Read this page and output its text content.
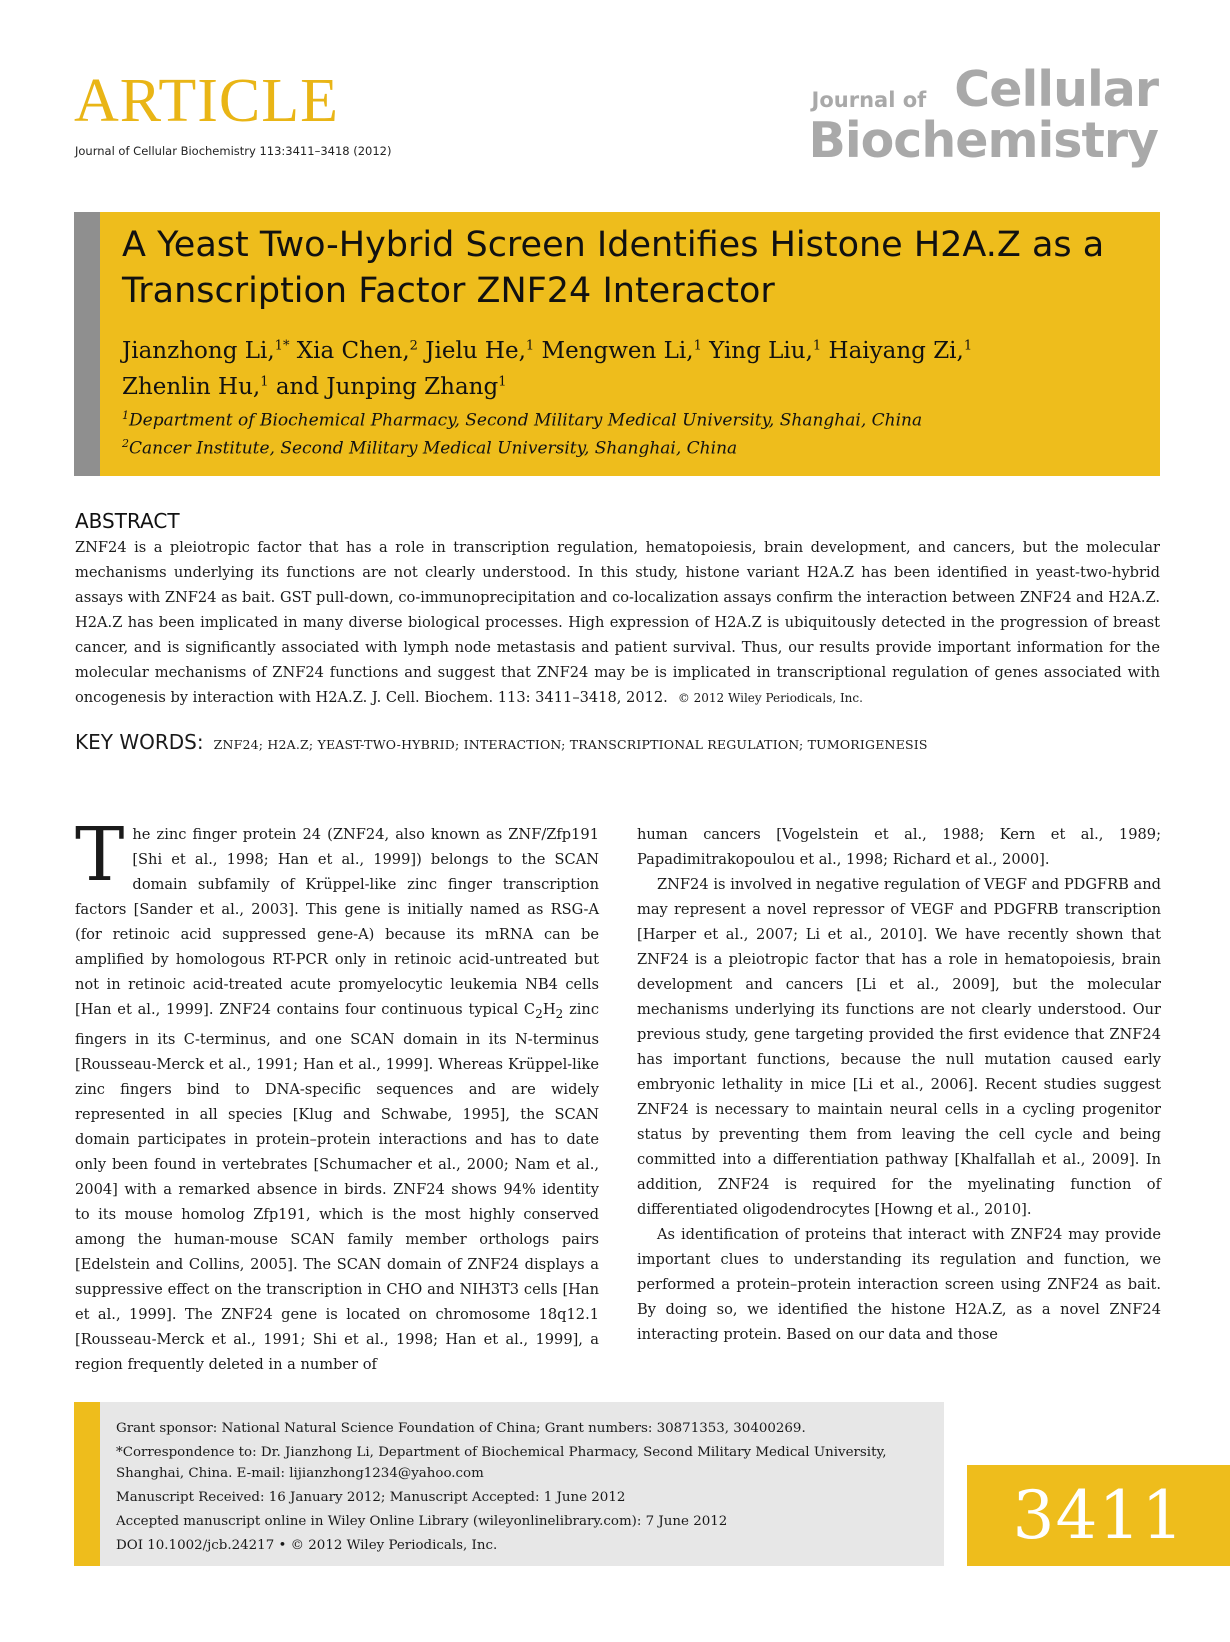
ARTICLE
Journal of Cellular Biochemistry 113:3411–3418 (2012)
Journal of Cellular
Biochemistry
A Yeast Two-Hybrid Screen Identifies Histone H2A.Z as a Transcription Factor ZNF24 Interactor
Jianzhong Li,$^{1*}$ Xia Chen,$^2$ Jielu He,$^1$ Mengwen Li,$^1$ Ying Liu,$^1$ Haiyang Zi,$^1$
Zhenlin Hu,$^1$ and Junping Zhang$^1$
$^1$Department of Biochemical Pharmacy, Second Military Medical University, Shanghai, China
$^2$Cancer Institute, Second Military Medical University, Shanghai, China
ABSTRACT
ZNF24 is a pleiotropic factor that has a role in transcription regulation, hematopoiesis, brain development, and cancers, but the molecular mechanisms underlying its functions are not clearly understood. In this study, histone variant H2A.Z has been identified in yeast-two-hybrid assays with ZNF24 as bait. GST pull-down, co-immunoprecipitation and co-localization assays confirm the interaction between ZNF24 and H2A.Z. H2A.Z has been implicated in many diverse biological processes. High expression of H2A.Z is ubiquitously detected in the progression of breast cancer, and is significantly associated with lymph node metastasis and patient survival. Thus, our results provide important information for the molecular mechanisms of ZNF24 functions and suggest that ZNF24 may be is implicated in transcriptional regulation of genes associated with oncogenesis by interaction with H2A.Z. J. Cell. Biochem. 113: 3411–3418, 2012. © 2012 Wiley Periodicals, Inc.
KEY WORDS: ZNF24; H2A.Z; YEAST-TWO-HYBRID; INTERACTION; TRANSCRIPTIONAL REGULATION; TUMORIGENESIS

The zinc finger protein 24 (ZNF24, also known as ZNF/Zfp191 [Shi et al., 1998; Han et al., 1999]) belongs to the SCAN domain subfamily of Krüppel-like zinc finger transcription factors [Sander et al., 2003]. This gene is initially named as RSG-A (for retinoic acid suppressed gene-A) because its mRNA can be amplified by homologous RT-PCR only in retinoic acid-untreated but not in retinoic acid-treated acute promyelocytic leukemia NB4 cells [Han et al., 1999]. ZNF24 contains four continuous typical $C_2H_2$ zinc fingers in its C-terminus, and one SCAN domain in its N-terminus [Rousseau-Merck et al., 1991; Han et al., 1999]. Whereas Krüppel-like zinc fingers bind to DNA-specific sequences and are widely represented in all species [Klug and Schwabe, 1995], the SCAN domain participates in protein–protein interactions and has to date only been found in vertebrates [Schumacher et al., 2000; Nam et al., 2004] with a remarked absence in birds. ZNF24 shows 94% identity to its mouse homolog Zfp191, which is the most highly conserved among the human-mouse SCAN family member orthologs pairs [Edelstein and Collins, 2005]. The SCAN domain of ZNF24 displays a suppressive effect on the transcription in CHO and NIH3T3 cells [Han et al., 1999]. The ZNF24 gene is located on chromosome 18q12.1 [Rousseau-Merck et al., 1991; Shi et al., 1998; Han et al., 1999], a region frequently deleted in a number of

human cancers [Vogelstein et al., 1988; Kern et al., 1989; Papadimitrakopoulou et al., 1998; Richard et al., 2000].

ZNF24 is involved in negative regulation of VEGF and PDGFRB and may represent a novel repressor of VEGF and PDGFRB transcription [Harper et al., 2007; Li et al., 2010]. We have recently shown that ZNF24 is a pleiotropic factor that has a role in hematopoiesis, brain development and cancers [Li et al., 2009], but the molecular mechanisms underlying its functions are not clearly understood. Our previous study, gene targeting provided the first evidence that ZNF24 has important functions, because the null mutation caused early embryonic lethality in mice [Li et al., 2006]. Recent studies suggest ZNF24 is necessary to maintain neural cells in a cycling progenitor status by preventing them from leaving the cell cycle and being committed into a differentiation pathway [Khalfallah et al., 2009]. In addition, ZNF24 is required for the myelinating function of differentiated oligodendrocytes [Howng et al., 2010].

As identification of proteins that interact with ZNF24 may provide important clues to understanding its regulation and function, we performed a protein–protein interaction screen using ZNF24 as bait. By doing so, we identified the histone H2A.Z, as a novel ZNF24 interacting protein. Based on our data and those

Grant sponsor: National Natural Science Foundation of China; Grant numbers: 30871353, 30400269.
*Correspondence to: Dr. Jianzhong Li, Department of Biochemical Pharmacy, Second Military Medical University, Shanghai, China. E-mail: lijianzhong1234@yahoo.com
Manuscript Received: 16 January 2012; Manuscript Accepted: 1 June 2012
Accepted manuscript online in Wiley Online Library (wileyonlinelibrary.com): 7 June 2012
DOI 10.1002/jcb.24217 • © 2012 Wiley Periodicals, Inc.	3411
